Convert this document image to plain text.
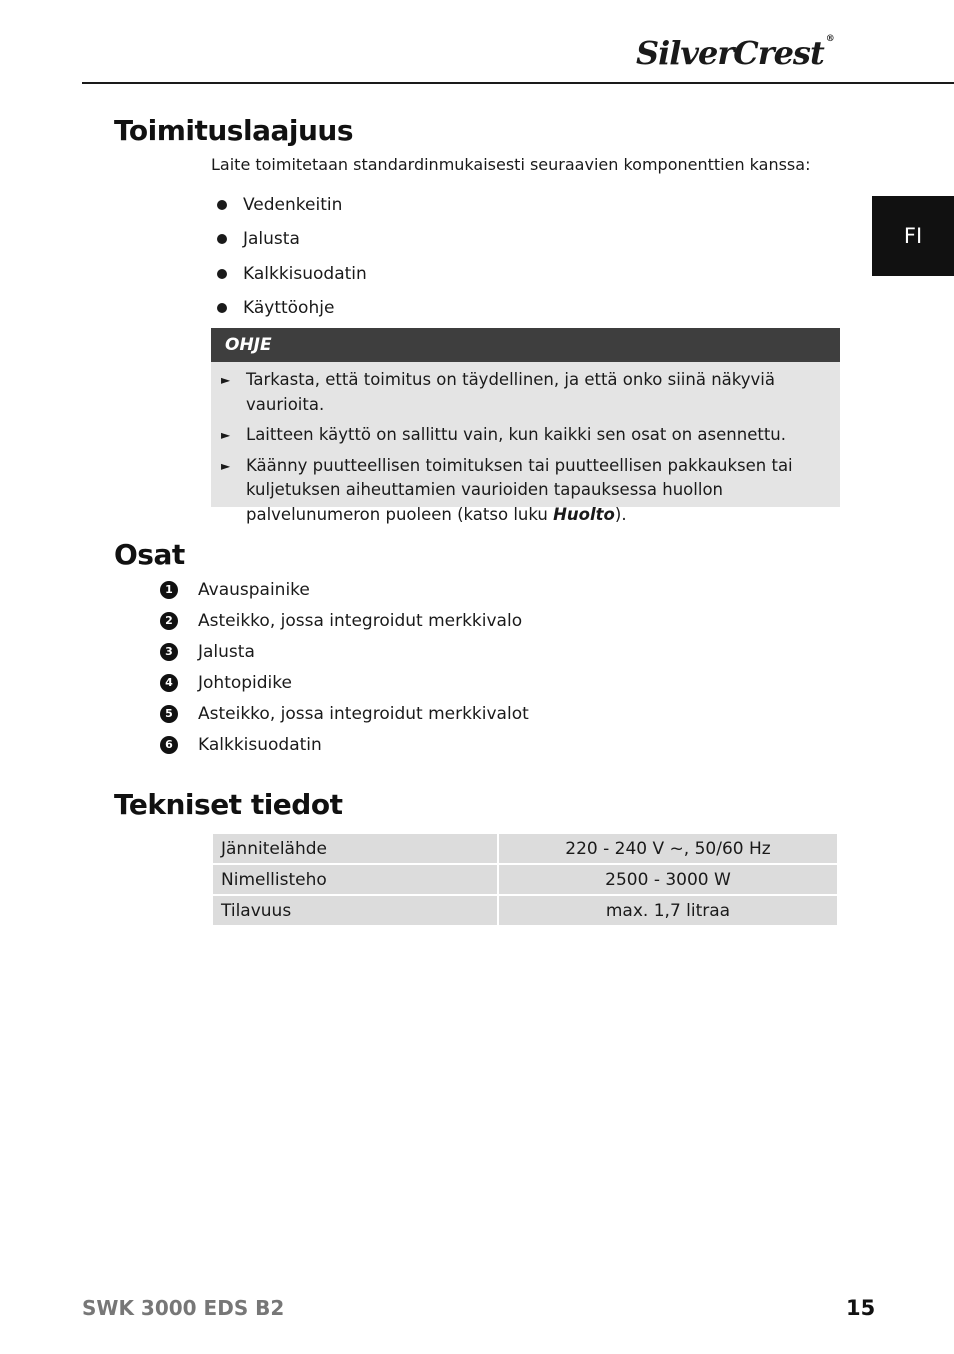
SilverCrest ®
FI
Toimituslaajuus
Laite toimitetaan standardinmukaisesti seuraavien komponenttien kanssa:
Vedenkeitin
Jalusta
Kalkkisuodatin
Käyttöohje
OHJE
► Tarkasta, että toimitus on täydellinen, ja että onko siinä näkyviä vaurioita.
► Laitteen käyttö on sallittu vain, kun kaikki sen osat on asennettu.
► Käänny puutteellisen toimituksen tai puutteellisen pakkauksen tai kuljetuksen aiheuttamien vaurioiden tapauksessa huollon palvelunumeron puoleen (katso luku Huolto).
Osat
1	Avauspainike
2	Asteikko, jossa integroidut merkkivalo
3	Jalusta
4	Johtopidike
5	Asteikko, jossa integroidut merkkivalot
6	Kalkkisuodatin
Tekniset tiedot
Jännitelähde	220 - 240 V ~, 50/60 Hz
Nimellisteho	2500 - 3000 W
Tilavuus	max. 1,7 litraa
SWK 3000 EDS B2	15
